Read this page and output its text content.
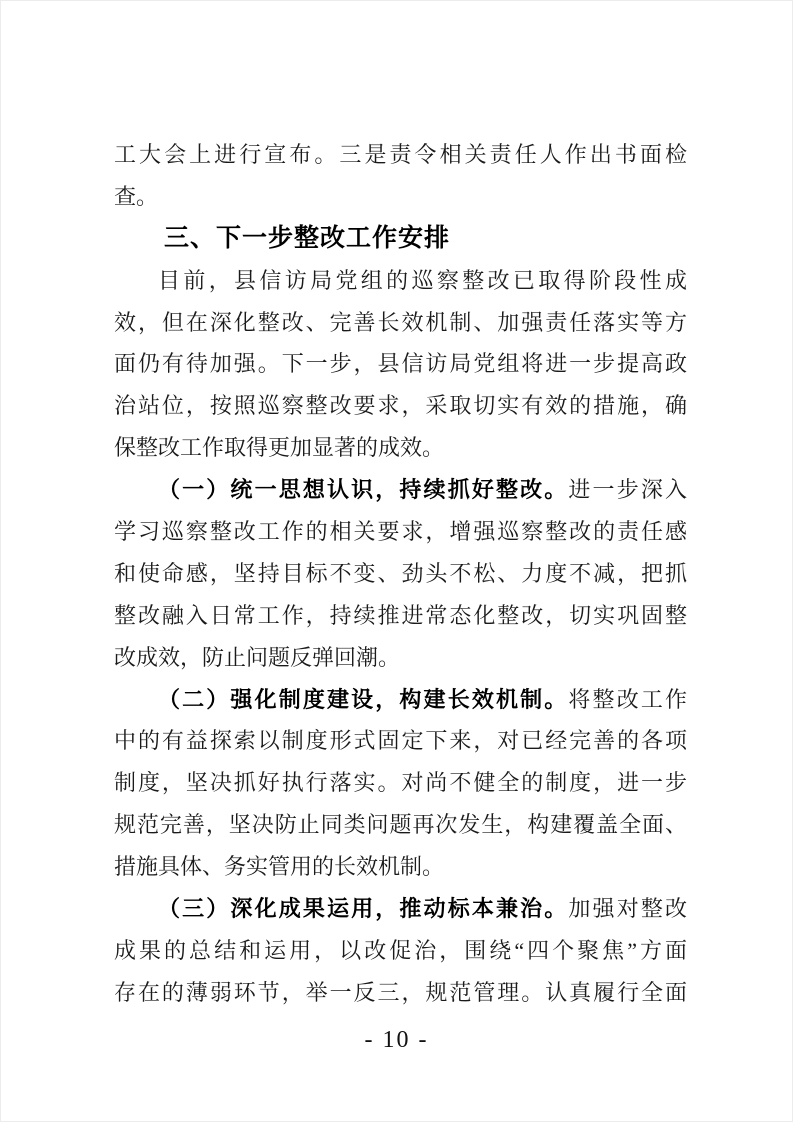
工大会上进行宣布。三是责令相关责任人作出书面检
查。
三、下一步整改工作安排
目前，县信访局党组的巡察整改已取得阶段性成
效，但在深化整改、完善长效机制、加强责任落实等方
面仍有待加强。下一步，县信访局党组将进一步提高政
治站位，按照巡察整改要求，采取切实有效的措施，确
保整改工作取得更加显著的成效。
（一）统一思想认识，持续抓好整改。进一步深入
学习巡察整改工作的相关要求，增强巡察整改的责任感
和使命感，坚持目标不变、劲头不松、力度不减，把抓
整改融入日常工作，持续推进常态化整改，切实巩固整
改成效，防止问题反弹回潮。
（二）强化制度建设，构建长效机制。将整改工作
中的有益探索以制度形式固定下来，对已经完善的各项
制度，坚决抓好执行落实。对尚不健全的制度，进一步
规范完善，坚决防止同类问题再次发生，构建覆盖全面、
措施具体、务实管用的长效机制。
（三）深化成果运用，推动标本兼治。加强对整改
成果的总结和运用，以改促治，围绕“四个聚焦”方面
存在的薄弱环节，举一反三，规范管理。认真履行全面
- 10 -
